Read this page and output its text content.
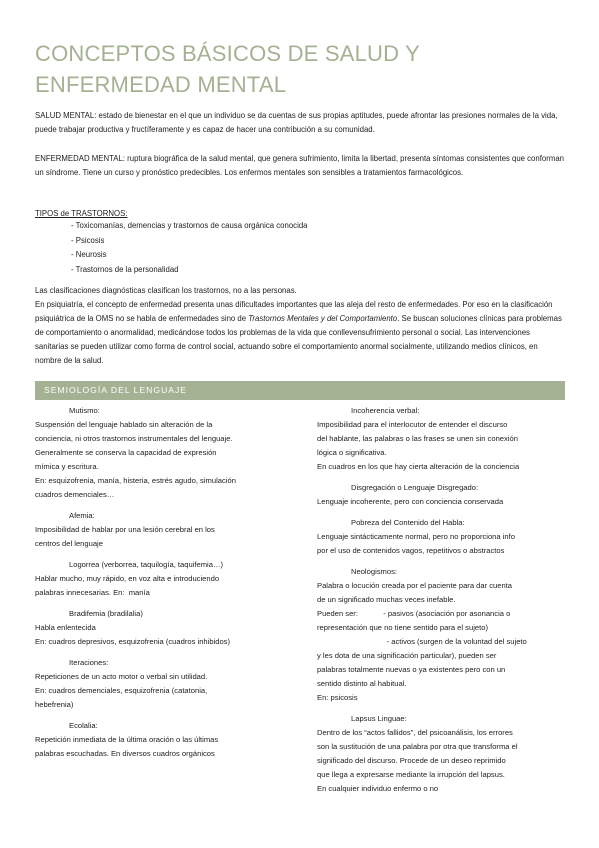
CONCEPTOS BÁSICOS DE SALUD Y
ENFERMEDAD MENTAL

SALUD MENTAL: estado de bienestar en el que un individuo se da cuentas de sus propias aptitudes, puede afrontar las presiones normales de la vida, puede trabajar productiva y fructíferamente y es capaz de hacer una contribución a su comunidad.

ENFERMEDAD MENTAL: ruptura biográfica de la salud mental, que genera sufrimiento, limita la libertad, presenta síntomas consistentes que conforman un síndrome. Tiene un curso y pronóstico predecibles. Los enfermos mentales son sensibles a tratamientos farmacológicos.

TIPOS de TRASTORNOS:

- Toxicomanías, demencias y trastornos de causa orgánica conocida
- Psicosis
- Neurosis
- Trastornos de la personalidad

Las clasificaciones diagnósticas clasifican los trastornos, no a las personas.

En psiquiatría, el concepto de enfermedad presenta unas dificultades importantes que las aleja del resto de enfermedades. Por eso en la clasificación psiquiátrica de la OMS no se habla de enfermedades sino de Trastornos Mentales y del Comportamiento. Se buscan soluciones clínicas para problemas de comportamiento o anormalidad, medicándose todos los problemas de la vida que conllevensufrimiento personal o social. Las intervenciones sanitarias se pueden utilizar como forma de control social, actuando sobre el comportamiento anormal socialmente, utilizando medios clínicos, en nombre de la salud.

SEMIOLOGÍA DEL LENGUAJE
Mutismo:
Suspensión del lenguaje hablado sin alteración de la
conciencia, ni otros trastornos instrumentales del lenguaje.
Generalmente se conserva la capacidad de expresión
mímica y escritura.
En: esquizofrenia, manía, histeria, estrés agudo, simulación
cuadros demenciales…
Afemia:
Imposibilidad de hablar por una lesión cerebral en los
centros del lenguaje
Logorrea (verborrea, taquilogía, taquifemia…)
Hablar mucho, muy rápido, en voz alta e introduciendo
palabras innecesarias. En:  manía
Bradifemia (bradilalia)
Habla enlentecida
En: cuadros depresivos, esquizofrenia (cuadros inhibidos)
Iteraciones:
Repeticiones de un acto motor o verbal sin utilidad.
En: cuadros demenciales, esquizofrenia (catatonia,
hebefrenia)
Ecolalia:
Repetición inmediata de la última oración o las últimas
palabras escuchadas. En diversos cuadros orgánicos
Incoherencia verbal:
Imposibilidad para el interlocutor de entender el discurso
del hablante, las palabras o las frases se unen sin conexión
lógica o significativa.
En cuadros en los que hay cierta alteración de la conciencia
Disgregación o Lenguaje Disgregado:
Lenguaje incoherente, pero con conciencia conservada
Pobreza del Contenido del Habla:
Lenguaje sintácticamente normal, pero no proporciona info
por el uso de contenidos vagos, repetitivos o abstractos
Neologismos:
Palabra o locución creada por el paciente para dar cuenta
de un significado muchas veces inefable.
Pueden ser:            - pasivos (asociación por asonancia o
representación que no tiene sentido para el sujeto)
- activos (surgen de la voluntad del sujeto
y les dota de una significación particular), pueden ser
palabras totalmente nuevas o ya existentes pero con un
sentido distinto al habitual.
En: psicosis
Lapsus Linguae:
Dentro de los “actos fallidos”, del psicoanálisis, los errores
son la sustitución de una palabra por otra que transforma el
significado del discurso. Procede de un deseo reprimido
que llega a expresarse mediante la irrupción del lapsus.
En cualquier individuo enfermo o no
